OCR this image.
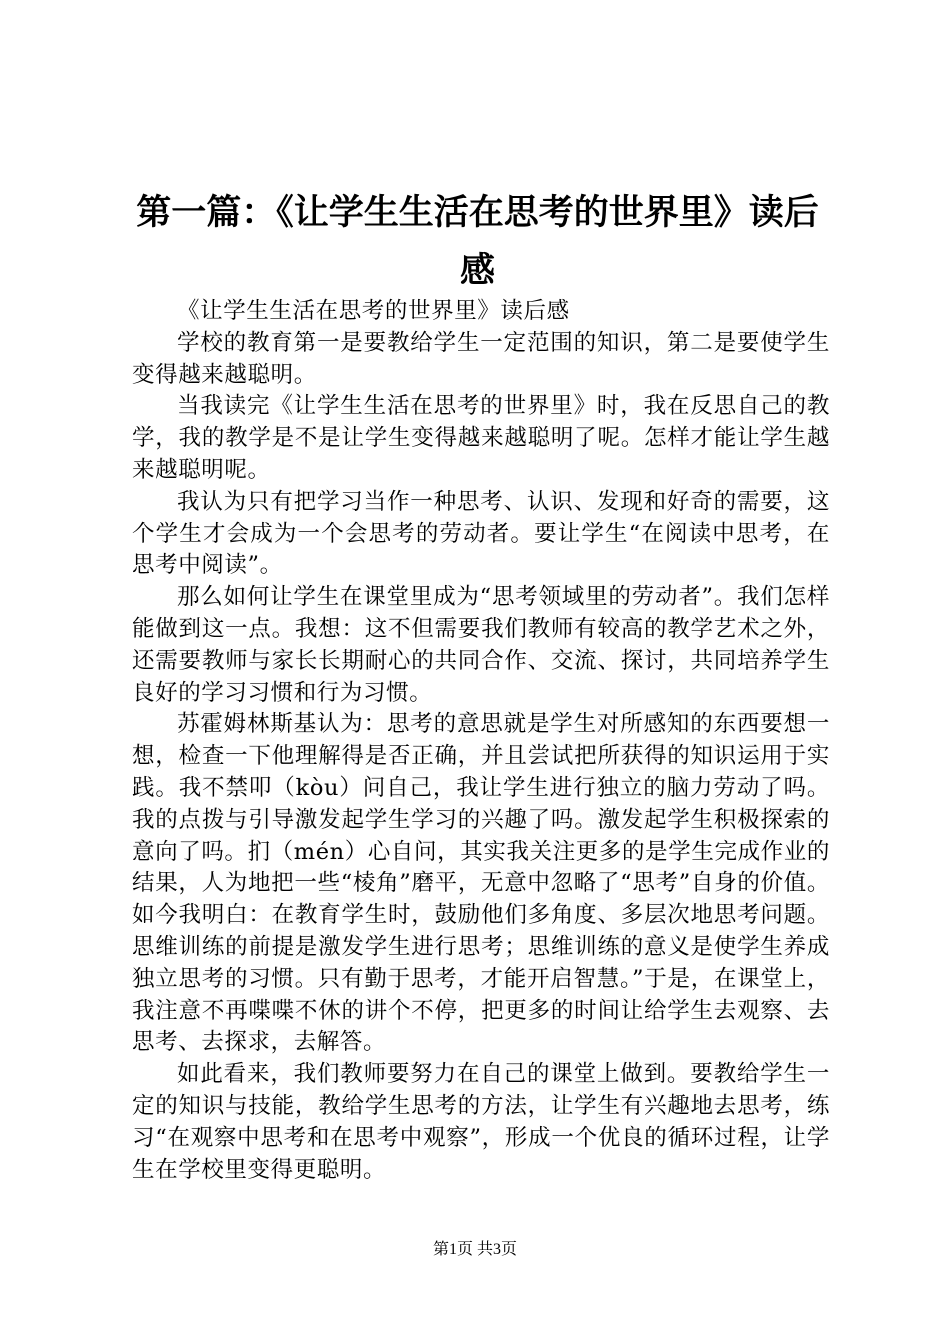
第一篇：《让学生生活在思考的世界里》读后感

《让学生生活在思考的世界里》读后感

学校的教育第一是要教给学生一定范围的知识，第二是要使学生变得越来越聪明。

当我读完《让学生生活在思考的世界里》时，我在反思自己的教学，我的教学是不是让学生变得越来越聪明了呢。怎样才能让学生越来越聪明呢。

我认为只有把学习当作一种思考、认识、发现和好奇的需要，这个学生才会成为一个会思考的劳动者。要让学生“在阅读中思考，在思考中阅读”。

那么如何让学生在课堂里成为“思考领域里的劳动者”。我们怎样能做到这一点。我想：这不但需要我们教师有较高的教学艺术之外，还需要教师与家长长期耐心的共同合作、交流、探讨，共同培养学生良好的学习习惯和行为习惯。

苏霍姆林斯基认为：思考的意思就是学生对所感知的东西要想一想，检查一下他理解得是否正确，并且尝试把所获得的知识运用于实践。我不禁叩（kòu）问自己，我让学生进行独立的脑力劳动了吗。我的点拨与引导激发起学生学习的兴趣了吗。激发起学生积极探索的意向了吗。扪（mén）心自问，其实我关注更多的是学生完成作业的结果，人为地把一些“棱角”磨平，无意中忽略了“思考”自身的价值。如今我明白：在教育学生时，鼓励他们多角度、多层次地思考问题。思维训练的前提是激发学生进行思考；思维训练的意义是使学生养成独立思考的习惯。只有勤于思考，才能开启智慧。”于是，在课堂上，我注意不再喋喋不休的讲个不停，把更多的时间让给学生去观察、去思考、去探求，去解答。

如此看来，我们教师要努力在自己的课堂上做到。要教给学生一定的知识与技能，教给学生思考的方法，让学生有兴趣地去思考，练习“在观察中思考和在思考中观察”，形成一个优良的循环过程，让学生在学校里变得更聪明。

第1页 共3页
